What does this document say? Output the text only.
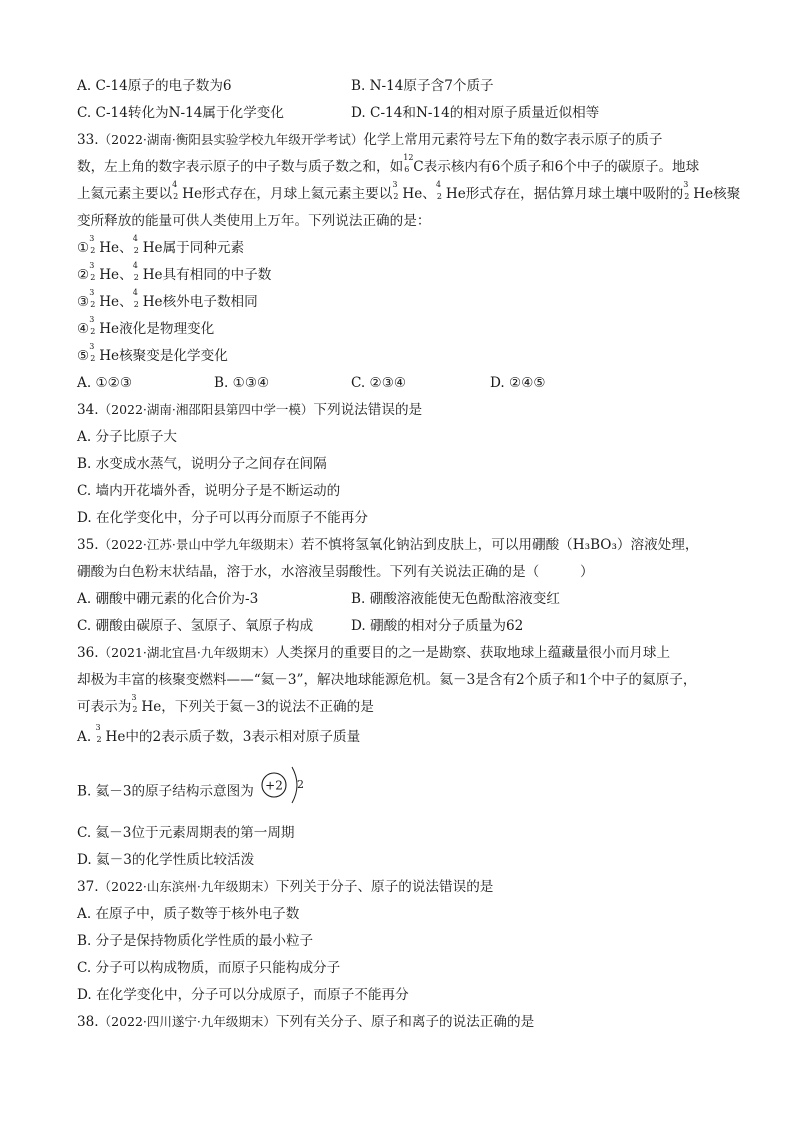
A. C-14原子的电子数为6	B. N-14原子含7个质子
C. C-14转化为N-14属于化学变化	D. C-14和N-14的相对原子质量近似相等
33.（2022·湖南·衡阳县实验学校九年级开学考试）化学上常用元素符号左下角的数字表示原子的质子
数，左上角的数字表示原子的中子数与质子数之和，如
12
6 C表示核内有6个质子和6个中子的碳原子。地球
上氦元素主要以
4
2 He形式存在，月球上氦元素主要以
3
2 He、
4
2 He形式存在，据估算月球土壤中吸附的
3
2 He核聚
变所释放的能量可供人类使用上万年。下列说法正确的是：
①
3
2 He、
4
2 He属于同种元素
②
3
2 He、
4
2 He具有相同的中子数
③
3
2 He、
4
2 He核外电子数相同
④
3
2 He液化是物理变化
⑤
3
2 He核聚变是化学变化
A. ①②③	B. ①③④	C. ②③④	D. ②④⑤
34.（2022·湖南·湘邵阳县第四中学一模）下列说法错误的是
A. 分子比原子大
B. 水变成水蒸气，说明分子之间存在间隔
C. 墙内开花墙外香，说明分子是不断运动的
D. 在化学变化中，分子可以再分而原子不能再分
35.（2022·江苏·景山中学九年级期末）若不慎将氢氧化钠沾到皮肤上，可以用硼酸（H₃BO₃）溶液处理，
硼酸为白色粉末状结晶，溶于水，水溶液呈弱酸性。下列有关说法正确的是（　　　）
A. 硼酸中硼元素的化合价为-3	B. 硼酸溶液能使无色酚酞溶液变红
C. 硼酸由碳原子、氢原子、氧原子构成	D. 硼酸的相对分子质量为62
36.（2021·湖北宜昌·九年级期末）人类探月的重要目的之一是勘察、获取地球上蕴藏量很小而月球上
却极为丰富的核聚变燃料——“氦－3”，解决地球能源危机。氦－3是含有2个质子和1个中子的氦原子，
可表示为
3
2 He，下列关于氦－3的说法不正确的是
A.
3
2 He中的2表示质子数，3表示相对原子质量
B. 氦－3的原子结构示意图为 +2 2
C. 氦－3位于元素周期表的第一周期
D. 氦－3的化学性质比较活泼
37.（2022·山东滨州·九年级期末）下列关于分子、原子的说法错误的是
A. 在原子中，质子数等于核外电子数
B. 分子是保持物质化学性质的最小粒子
C. 分子可以构成物质，而原子只能构成分子
D. 在化学变化中，分子可以分成原子，而原子不能再分
38.（2022·四川遂宁·九年级期末）下列有关分子、原子和离子的说法正确的是
